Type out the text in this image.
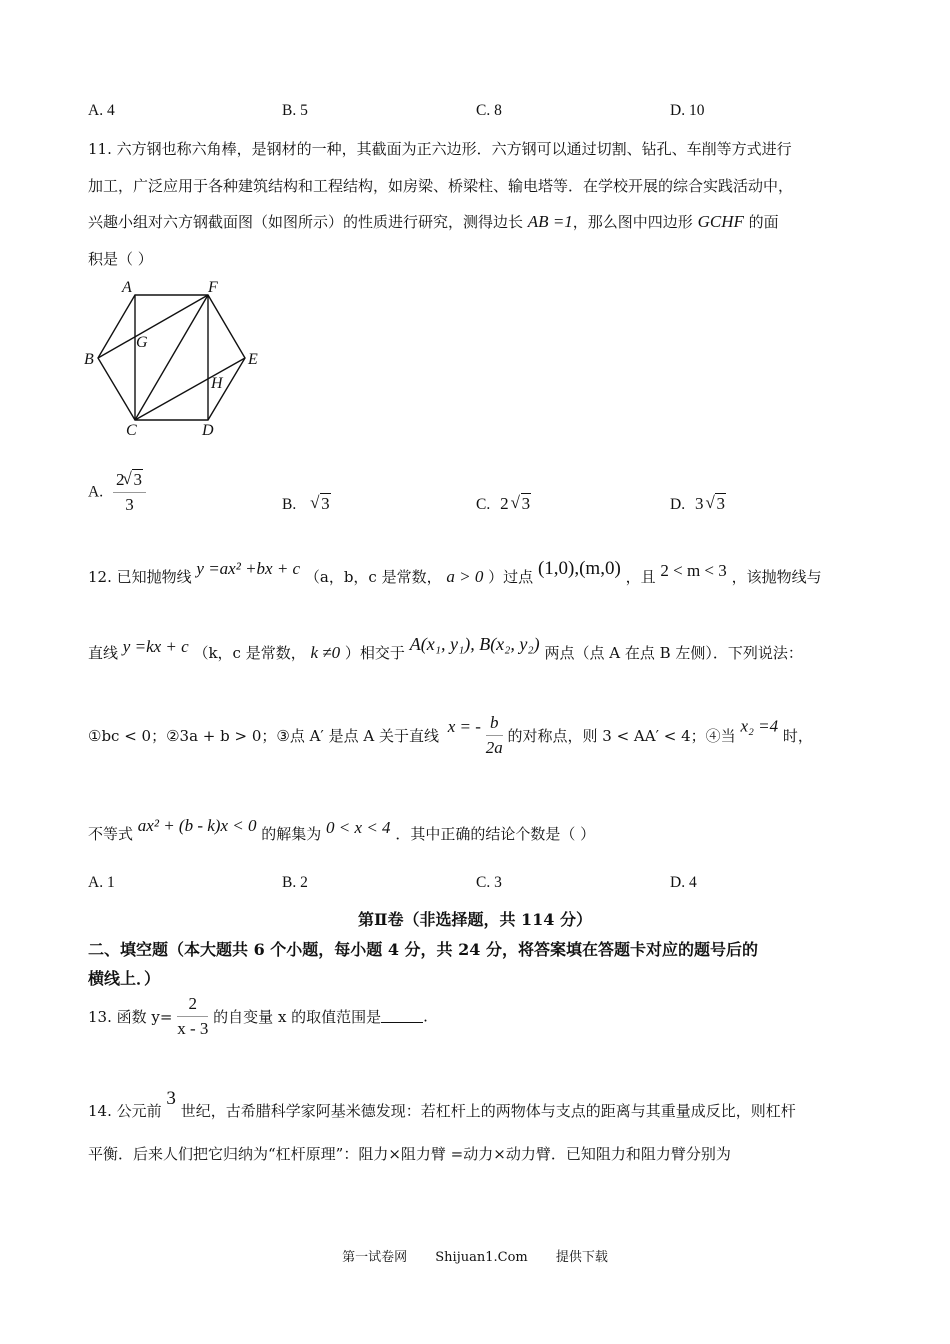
A. 4	B. 5	C. 8	D. 10
11. 六方钢也称六角棒，是钢材的一种，其截面为正六边形．六方钢可以通过切割、钻孔、车削等方式进行
加工，广泛应用于各种建筑结构和工程结构，如房梁、桥梁柱、输电塔等．在学校开展的综合实践活动中，
兴趣小组对六方钢截面图（如图所示）的性质进行研究，测得边长 AB =1，那么图中四边形 GCHF 的面
积是（ ）
A	F
B	E
C	D
G
H
A. $\frac{2 √ 3}{3}$	B. √ 3	C. 2 √ 3	D. 3 √ 3
12. 已知抛物线 y =ax² +bx + c （a，b，c 是常数， a > 0 ）过点 (1,0),(m,0) ，且 2 < m < 3 ，该抛物线与
直线 y =kx + c （k，c 是常数， k ≠0 ）相交于 A(x₁, y₁), B(x₂, y₂) 两点（点 A 在点 B 左侧）．下列说法：
①bc < 0；②3a + b > 0；③点 A′ 是点 A 关于直线 x = - $\frac{b}{2a}$ 的对称点，则 3 < AA′ < 4；④当 x₂ =4 时，
不等式 ax² + (b - k)x < 0 的解集为 0 < x < 4 ．其中正确的结论个数是（ ）
A. 1	B. 2	C. 3	D. 4
第Ⅱ卷（非选择题，共 114 分）
二、填空题（本大题共 6 个小题，每小题 4 分，共 24 分，将答案填在答题卡对应的题号后的
横线上．）
13. 函数 $y= \frac{2}{x - 3}$ 的自变量 x 的取值范围是	.
14. 公元前 3 世纪，古希腊科学家阿基米德发现：若杠杆上的两物体与支点的距离与其重量成反比，则杠杆
平衡．后来人们把它归纳为“杠杆原理”：阻力×阻力臂 =动力×动力臂．已知阻力和阻力臂分别为
第一试卷网 Shijuan1.Com 提供下载
